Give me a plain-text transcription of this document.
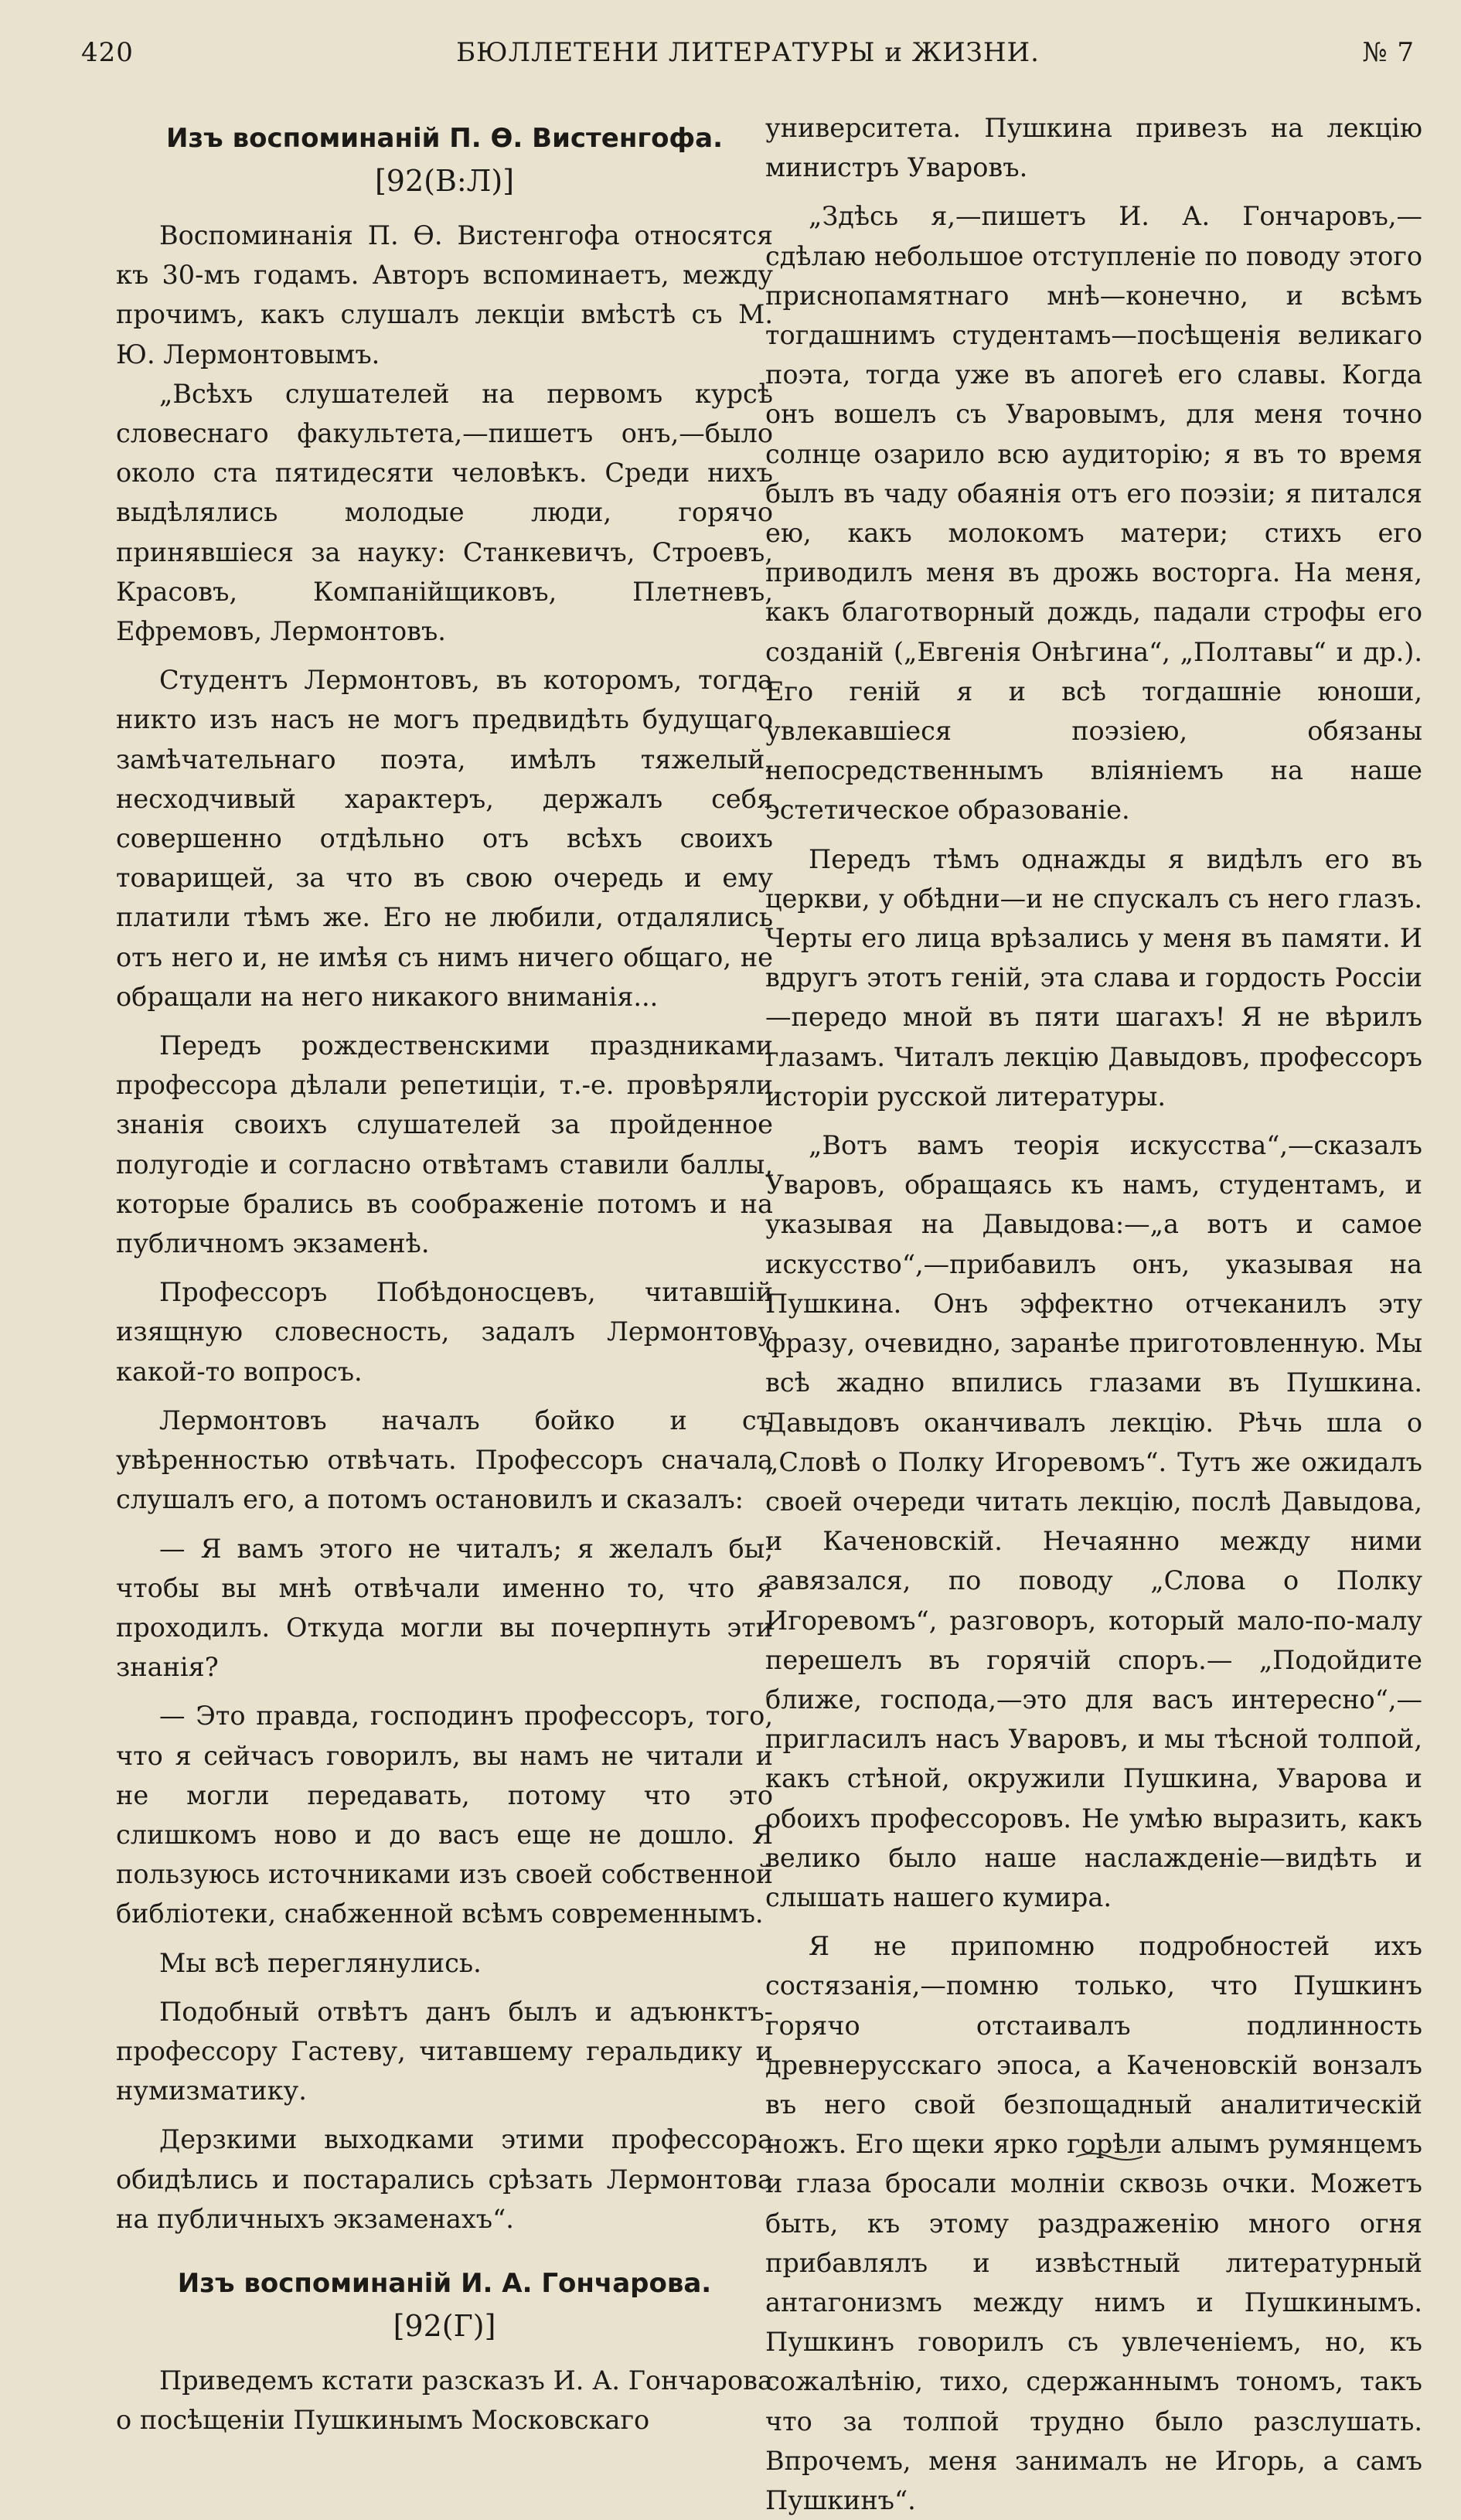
420	БЮЛЛЕТЕНИ ЛИТЕРАТУРЫ и ЖИЗНИ.	№ 7
Изъ воспоминаній П. Ѳ. Вистенгофа.
[92(В:Л)]

Воспоминанія П. Ѳ. Вистенгофа относятся къ 30-мъ годамъ. Авторъ вспоминаетъ, между прочимъ, какъ слушалъ лекціи вмѣстѣ съ М. Ю. Лермонтовымъ.

„Всѣхъ слушателей на первомъ курсѣ словеснаго факультета,—пишетъ онъ,—было около ста пятидесяти человѣкъ. Среди нихъ выдѣлялись молодые люди, горячо принявшіеся за науку: Станкевичъ, Строевъ, Красовъ, Компанійщиковъ, Плетневъ, Ефремовъ, Лермонтовъ.

Студентъ Лермонтовъ, въ которомъ, тогда никто изъ насъ не могъ предвидѣть будущаго замѣчательнаго поэта, имѣлъ тяжелый, несходчивый характеръ, держалъ себя совершенно отдѣльно отъ всѣхъ своихъ товарищей, за что въ свою очередь и ему платили тѣмъ же. Его не любили, отдалялись отъ него и, не имѣя съ нимъ ничего общаго, не обращали на него никакого вниманія...

Передъ рождественскими праздниками профессора дѣлали репетиціи, т.-е. провѣряли знанія своихъ слушателей за пройденное полугодіе и согласно отвѣтамъ ставили баллы, которые брались въ соображеніе потомъ и на публичномъ экзаменѣ.

Профессоръ Побѣдоносцевъ, читавшій изящную словесность, задалъ Лермонтову какой-то вопросъ.

Лермонтовъ началъ бойко и съ увѣренностью отвѣчать. Профессоръ сначала слушалъ его, а потомъ остановилъ и сказалъ:

— Я вамъ этого не читалъ; я желалъ бы, чтобы вы мнѣ отвѣчали именно то, что я проходилъ. Откуда могли вы почерпнуть эти знанія?

— Это правда, господинъ профессоръ, того, что я сейчасъ говорилъ, вы намъ не читали и не могли передавать, потому что это слишкомъ ново и до васъ еще не дошло. Я пользуюсь источниками изъ своей собственной библіотеки, снабженной всѣмъ современнымъ.

Мы всѣ переглянулись.

Подобный отвѣтъ данъ былъ и адъюнктъ-профессору Гастеву, читавшему геральдику и нумизматику.

Дерзкими выходками этими профессора обидѣлись и постарались срѣзать Лермонтова на публичныхъ экзаменахъ“.

Изъ воспоминаній И. А. Гончарова.
[92(Г)]

Приведемъ кстати разсказъ И. А. Гончарова о посѣщеніи Пушкинымъ Московскаго

университета. Пушкина привезъ на лекцію министръ Уваровъ.

„Здѣсь я,—пишетъ И. А. Гончаровъ,—сдѣлаю небольшое отступленіе по поводу этого приснопамятнаго мнѣ—конечно, и всѣмъ тогдашнимъ студентамъ—посѣщенія великаго поэта, тогда уже въ апогеѣ его славы. Когда онъ вошелъ съ Уваровымъ, для меня точно солнце озарило всю аудиторію; я въ то время былъ въ чаду обаянія отъ его поэзіи; я питался ею, какъ молокомъ матери; стихъ его приводилъ меня въ дрожь восторга. На меня, какъ благотворный дождь, падали строфы его созданій („Евгенія Онѣгина“, „Полтавы“ и др.). Его геній я и всѣ тогдашніе юноши, увлекавшіеся поэзіею, обязаны непосредственнымъ вліяніемъ на наше эстетическое образованіе.

Передъ тѣмъ однажды я видѣлъ его въ церкви, у обѣдни—и не спускалъ съ него глазъ. Черты его лица врѣзались у меня въ памяти. И вдругъ этотъ геній, эта слава и гордость Россіи—передо мной въ пяти шагахъ! Я не вѣрилъ глазамъ. Читалъ лекцію Давыдовъ, профессоръ исторіи русской литературы.

„Вотъ вамъ теорія искусства“,—сказалъ Уваровъ, обращаясь къ намъ, студентамъ, и указывая на Давыдова:—„а вотъ и самое искусство“,—прибавилъ онъ, указывая на Пушкина. Онъ эффектно отчеканилъ эту фразу, очевидно, заранѣе приготовленную. Мы всѣ жадно впились глазами въ Пушкина. Давыдовъ оканчивалъ лекцію. Рѣчь шла о „Словѣ о Полку Игоревомъ“. Тутъ же ожидалъ своей очереди читать лекцію, послѣ Давыдова, и Каченовскій. Нечаянно между ними завязался, по поводу „Слова о Полку Игоревомъ“, разговоръ, который мало-по-малу перешелъ въ горячій споръ.— „Подойдите ближе, господа,—это для васъ интересно“,—пригласилъ насъ Уваровъ, и мы тѣсной толпой, какъ стѣной, окружили Пушкина, Уварова и обоихъ профессоровъ. Не умѣю выразить, какъ велико было наше наслажденіе—видѣть и слышать нашего кумира.

Я не припомню подробностей ихъ состязанія,—помню только, что Пушкинъ горячо отстаивалъ подлинность древнерусскаго эпоса, а Каченовскій вонзалъ въ него свой безпощадный аналитическій ножъ. Его щеки ярко горѣли алымъ румянцемъ и глаза бросали молніи сквозь очки. Можетъ быть, къ этому раздраженію много огня прибавлялъ и извѣстный литературный антагонизмъ между нимъ и Пушкинымъ. Пушкинъ говорилъ съ увлеченіемъ, но, къ сожалѣнію, тихо, сдержаннымъ тономъ, такъ что за толпой трудно было разслушать. Впрочемъ, меня занималъ не Игорь, а самъ Пушкинъ“.
